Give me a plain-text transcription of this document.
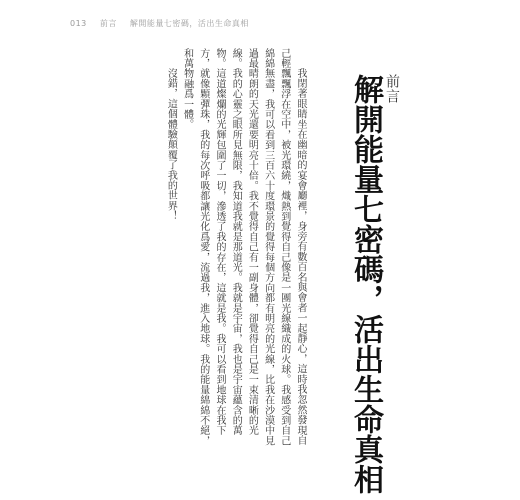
013 前言 解開能量七密碼，活出生命真相
前言
解開能量七密碼，活出生命真相

我閉著眼睛坐在幽暗的宴會廳裡，身旁有數百名與會者一起靜心，這時我忽然發現自己輕飄飄浮在空中，被光環繞，熾熱到覺得自己像是一團光線織成的火球。我感受到自己綿綿無盡，我可以看到三百六十度環景的覺得每個方向都有明亮的光線，比我在沙漠中見過最晴朗的天光還要明亮十倍。我不覺得自己有一副身體，卻覺得自己是一束清晰的光線。我的心靈之眼所見無限，我知道我就是那道光。我就是宇宙，我也是宇宙蘊含的萬物。這道燦爛的光輝包圍了一切，滲透了我的存在，這就是我。我可以看到地球在我下方，就像顆彈珠，我的每次呼吸都讓光化爲愛，流過我，進入地球。我的能量綿綿不絕，和萬物融爲一體。

沒錯，這個體驗顛覆了我的世界！
